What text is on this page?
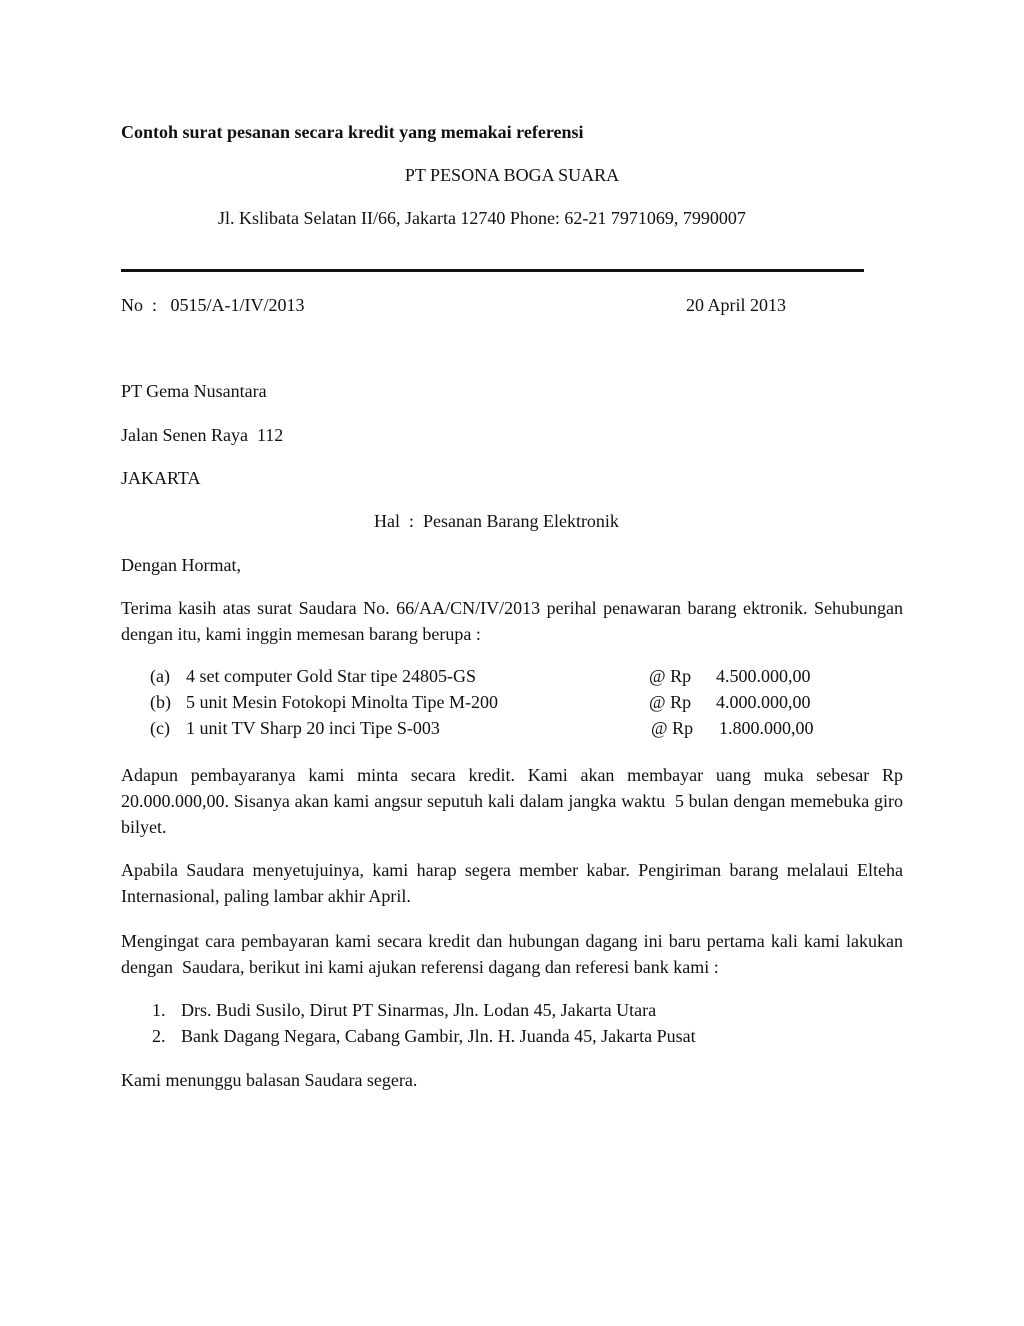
Contoh surat pesanan secara kredit yang memakai referensi
PT PESONA BOGA SUARA
Jl. Kslibata Selatan II/66, Jakarta 12740 Phone: 62-21 7971069, 7990007
No  :   0515/A-1/IV/2013	20 April 2013
PT Gema Nusantara
Jalan Senen Raya  112
JAKARTA
Hal  :  Pesanan Barang Elektronik
Dengan Hormat,
Terima kasih atas surat Saudara No. 66/AA/CN/IV/2013 perihal penawaran barang ektronik. Sehubungan dengan itu, kami inggin memesan barang berupa :
(a) 4 set computer Gold Star tipe 24805-GS	@ Rp 4.500.000,00
(b) 5 unit Mesin Fotokopi Minolta Tipe M-200	@ Rp 4.000.000,00
(c) 1 unit TV Sharp 20 inci Tipe S-003	@ Rp 1.800.000,00
Adapun pembayaranya kami minta secara kredit. Kami akan membayar uang muka sebesar Rp 20.000.000,00. Sisanya akan kami angsur seputuh kali dalam jangka waktu  5 bulan dengan memebuka giro bilyet.
Apabila Saudara menyetujuinya, kami harap segera member kabar. Pengiriman barang melalaui Elteha Internasional, paling lambar akhir April.
Mengingat cara pembayaran kami secara kredit dan hubungan dagang ini baru pertama kali kami lakukan dengan  Saudara, berikut ini kami ajukan referensi dagang dan referesi bank kami :
1. Drs. Budi Susilo, Dirut PT Sinarmas, Jln. Lodan 45, Jakarta Utara
2. Bank Dagang Negara, Cabang Gambir, Jln. H. Juanda 45, Jakarta Pusat
Kami menunggu balasan Saudara segera.
